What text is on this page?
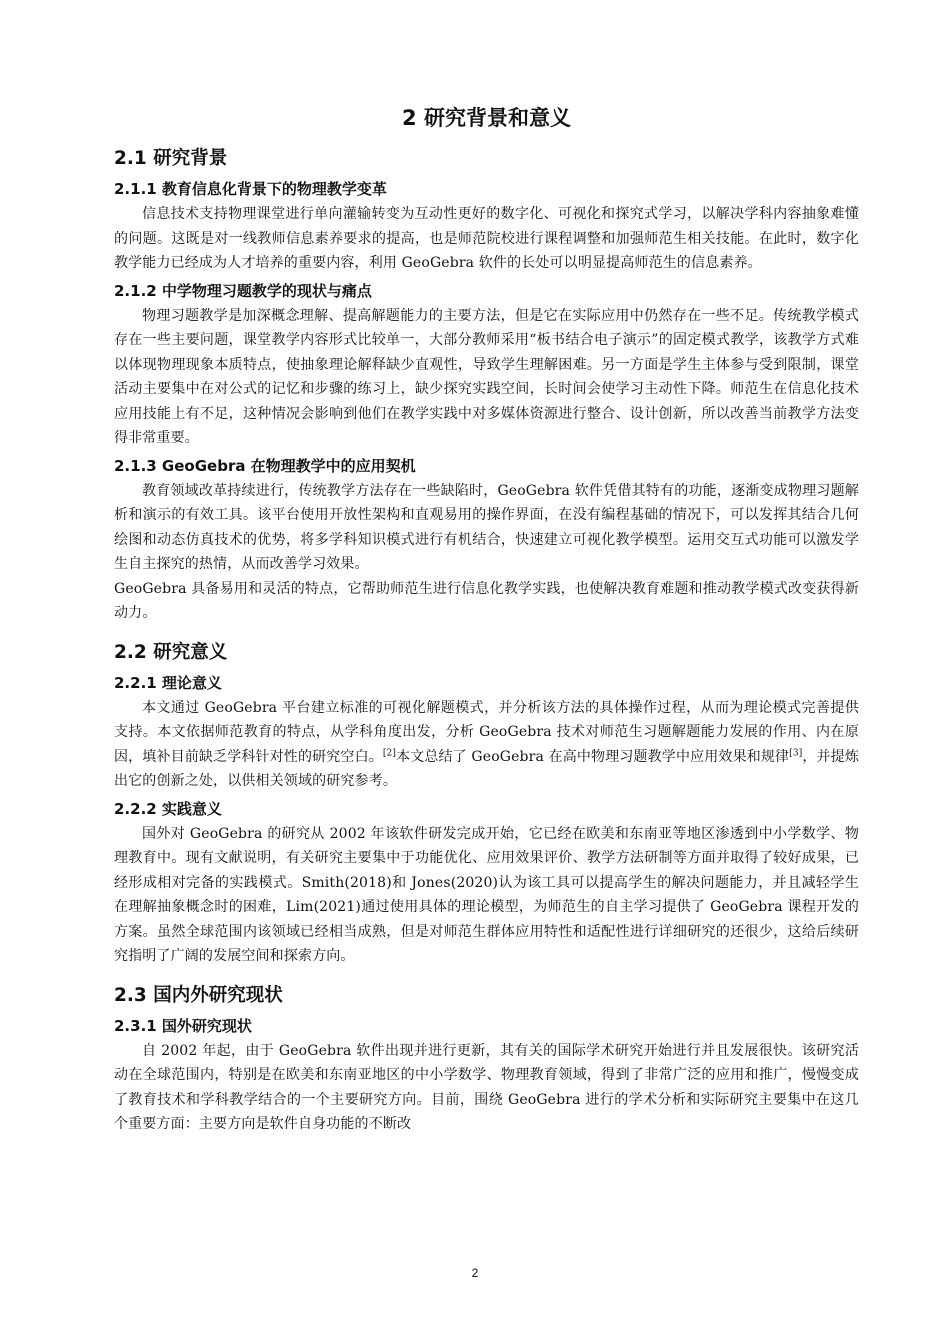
2 研究背景和意义
2.1 研究背景
2.1.1 教育信息化背景下的物理教学变革

信息技术支持物理课堂进行单向灌输转变为互动性更好的数字化、可视化和探究式学习，以解决学科内容抽象难懂的问题。这既是对一线教师信息素养要求的提高，也是师范院校进行课程调整和加强师范生相关技能。在此时，数字化教学能力已经成为人才培养的重要内容，利用 GeoGebra 软件的长处可以明显提高师范生的信息素养。

2.1.2 中学物理习题教学的现状与痛点

物理习题教学是加深概念理解、提高解题能力的主要方法，但是它在实际应用中仍然存在一些不足。传统教学模式存在一些主要问题，课堂教学内容形式比较单一，大部分教师采用“板书结合电子演示”的固定模式教学，该教学方式难以体现物理现象本质特点，使抽象理论解释缺少直观性，导致学生理解困难。另一方面是学生主体参与受到限制，课堂活动主要集中在对公式的记忆和步骤的练习上，缺少探究实践空间，长时间会使学习主动性下降。师范生在信息化技术应用技能上有不足，这种情况会影响到他们在教学实践中对多媒体资源进行整合、设计创新，所以改善当前教学方法变得非常重要。

2.1.3 GeoGebra 在物理教学中的应用契机

教育领域改革持续进行，传统教学方法存在一些缺陷时，GeoGebra 软件凭借其特有的功能，逐渐变成物理习题解析和演示的有效工具。该平台使用开放性架构和直观易用的操作界面，在没有编程基础的情况下，可以发挥其结合几何绘图和动态仿真技术的优势，将多学科知识模式进行有机结合，快速建立可视化教学模型。运用交互式功能可以激发学生自主探究的热情，从而改善学习效果。

GeoGebra 具备易用和灵活的特点，它帮助师范生进行信息化教学实践，也使解决教育难题和推动教学模式改变获得新动力。

2.2 研究意义
2.2.1 理论意义

本文通过 GeoGebra 平台建立标准的可视化解题模式，并分析该方法的具体操作过程，从而为理论模式完善提供支持。本文依据师范教育的特点，从学科角度出发，分析 GeoGebra 技术对师范生习题解题能力发展的作用、内在原因，填补目前缺乏学科针对性的研究空白。[2]本文总结了 GeoGebra 在高中物理习题教学中应用效果和规律[3]，并提炼出它的创新之处，以供相关领域的研究参考。

2.2.2 实践意义

国外对 GeoGebra 的研究从 2002 年该软件研发完成开始，它已经在欧美和东南亚等地区渗透到中小学数学、物理教育中。现有文献说明，有关研究主要集中于功能优化、应用效果评价、教学方法研制等方面并取得了较好成果，已经形成相对完备的实践模式。Smith(2018)和 Jones(2020)认为该工具可以提高学生的解决问题能力，并且减轻学生在理解抽象概念时的困难，Lim(2021)通过使用具体的理论模型，为师范生的自主学习提供了 GeoGebra 课程开发的方案。虽然全球范围内该领域已经相当成熟，但是对师范生群体应用特性和适配性进行详细研究的还很少，这给后续研究指明了广阔的发展空间和探索方向。

2.3 国内外研究现状
2.3.1 国外研究现状

自 2002 年起，由于 GeoGebra 软件出现并进行更新，其有关的国际学术研究开始进行并且发展很快。该研究活动在全球范围内，特别是在欧美和东南亚地区的中小学数学、物理教育领域，得到了非常广泛的应用和推广，慢慢变成了教育技术和学科教学结合的一个主要研究方向。目前，围绕 GeoGebra 进行的学术分析和实际研究主要集中在这几个重要方面：主要方向是软件自身功能的不断改

2
